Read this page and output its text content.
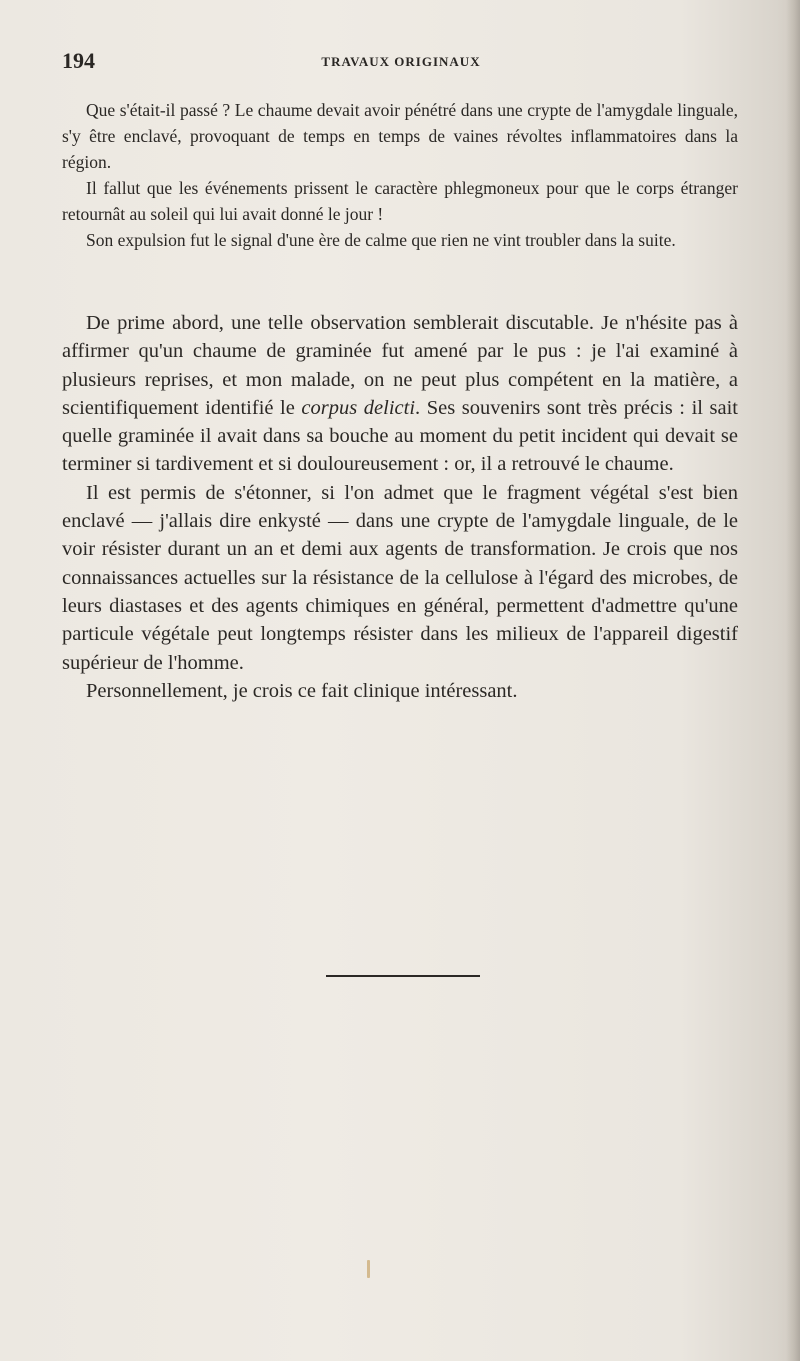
194	TRAVAUX ORIGINAUX

Que s'était-il passé ? Le chaume devait avoir pénétré dans une crypte de l'amygdale linguale, s'y être enclavé, provoquant de temps en temps de vaines révoltes inflammatoires dans la région.

Il fallut que les événements prissent le caractère phlegmoneux pour que le corps étranger retournât au soleil qui lui avait donné le jour !

Son expulsion fut le signal d'une ère de calme que rien ne vint troubler dans la suite.

De prime abord, une telle observation semblerait discutable. Je n'hésite pas à affirmer qu'un chaume de graminée fut amené par le pus : je l'ai examiné à plusieurs reprises, et mon malade, on ne peut plus compétent en la matière, a scientifiquement identifié le corpus delicti. Ses souvenirs sont très précis : il sait quelle graminée il avait dans sa bouche au moment du petit incident qui devait se terminer si tardivement et si douloureusement : or, il a retrouvé le chaume.

Il est permis de s'étonner, si l'on admet que le fragment végétal s'est bien enclavé — j'allais dire enkysté — dans une crypte de l'amygdale linguale, de le voir résister durant un an et demi aux agents de transformation. Je crois que nos connaissances actuelles sur la résistance de la cellulose à l'égard des microbes, de leurs diastases et des agents chimiques en général, permettent d'admettre qu'une particule végétale peut longtemps résister dans les milieux de l'appareil digestif supérieur de l'homme.

Personnellement, je crois ce fait clinique intéressant.
